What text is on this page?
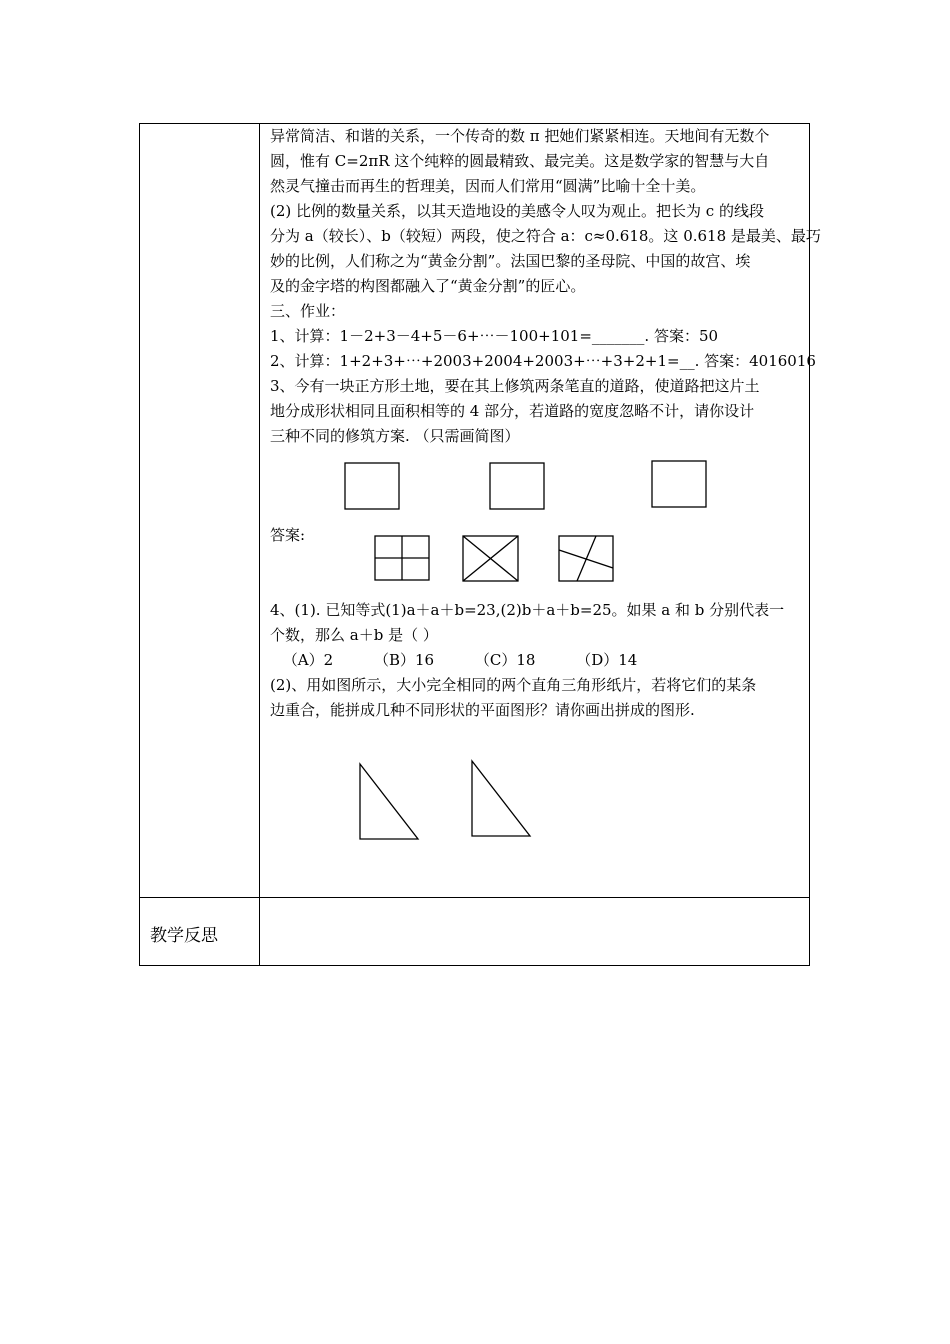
异常简洁、和谐的关系，一个传奇的数 π 把她们紧紧相连。天地间有无数个
圆，惟有 C=2πR 这个纯粹的圆最精致、最完美。这是数学家的智慧与大自
然灵气撞击而再生的哲理美，因而人们常用“圆满”比喻十全十美。
(2) 比例的数量关系，以其天造地设的美感令人叹为观止。把长为 c 的线段
分为 a（较长）、b（较短）两段，使之符合 a：c≈0.618。这 0.618 是最美、最巧
妙的比例，人们称之为“黄金分割”。法国巴黎的圣母院、中国的故宫、埃
及的金字塔的构图都融入了“黄金分割”的匠心。
三、作业：
1、计算：1－2+3－4+5－6+⋯－100+101=_______. 答案：50
2、计算：1+2+3+⋯+2003+2004+2003+⋯+3+2+1=__. 答案：4016016
3、今有一块正方形土地，要在其上修筑两条笔直的道路，使道路把这片土
地分成形状相同且面积相等的 4 部分，若道路的宽度忽略不计，请你设计
三种不同的修筑方案. （只需画简图）
答案:
4、(1). 已知等式(1)a＋a＋b=23,(2)b＋a＋b=25。如果 a 和 b 分别代表一
个数，那么 a＋b 是（ ）
（A）2	（B）16	（C）18	（D）14
(2)、用如图所示，大小完全相同的两个直角三角形纸片，若将它们的某条
边重合，能拼成几种不同形状的平面图形？请你画出拼成的图形.
教学反思
